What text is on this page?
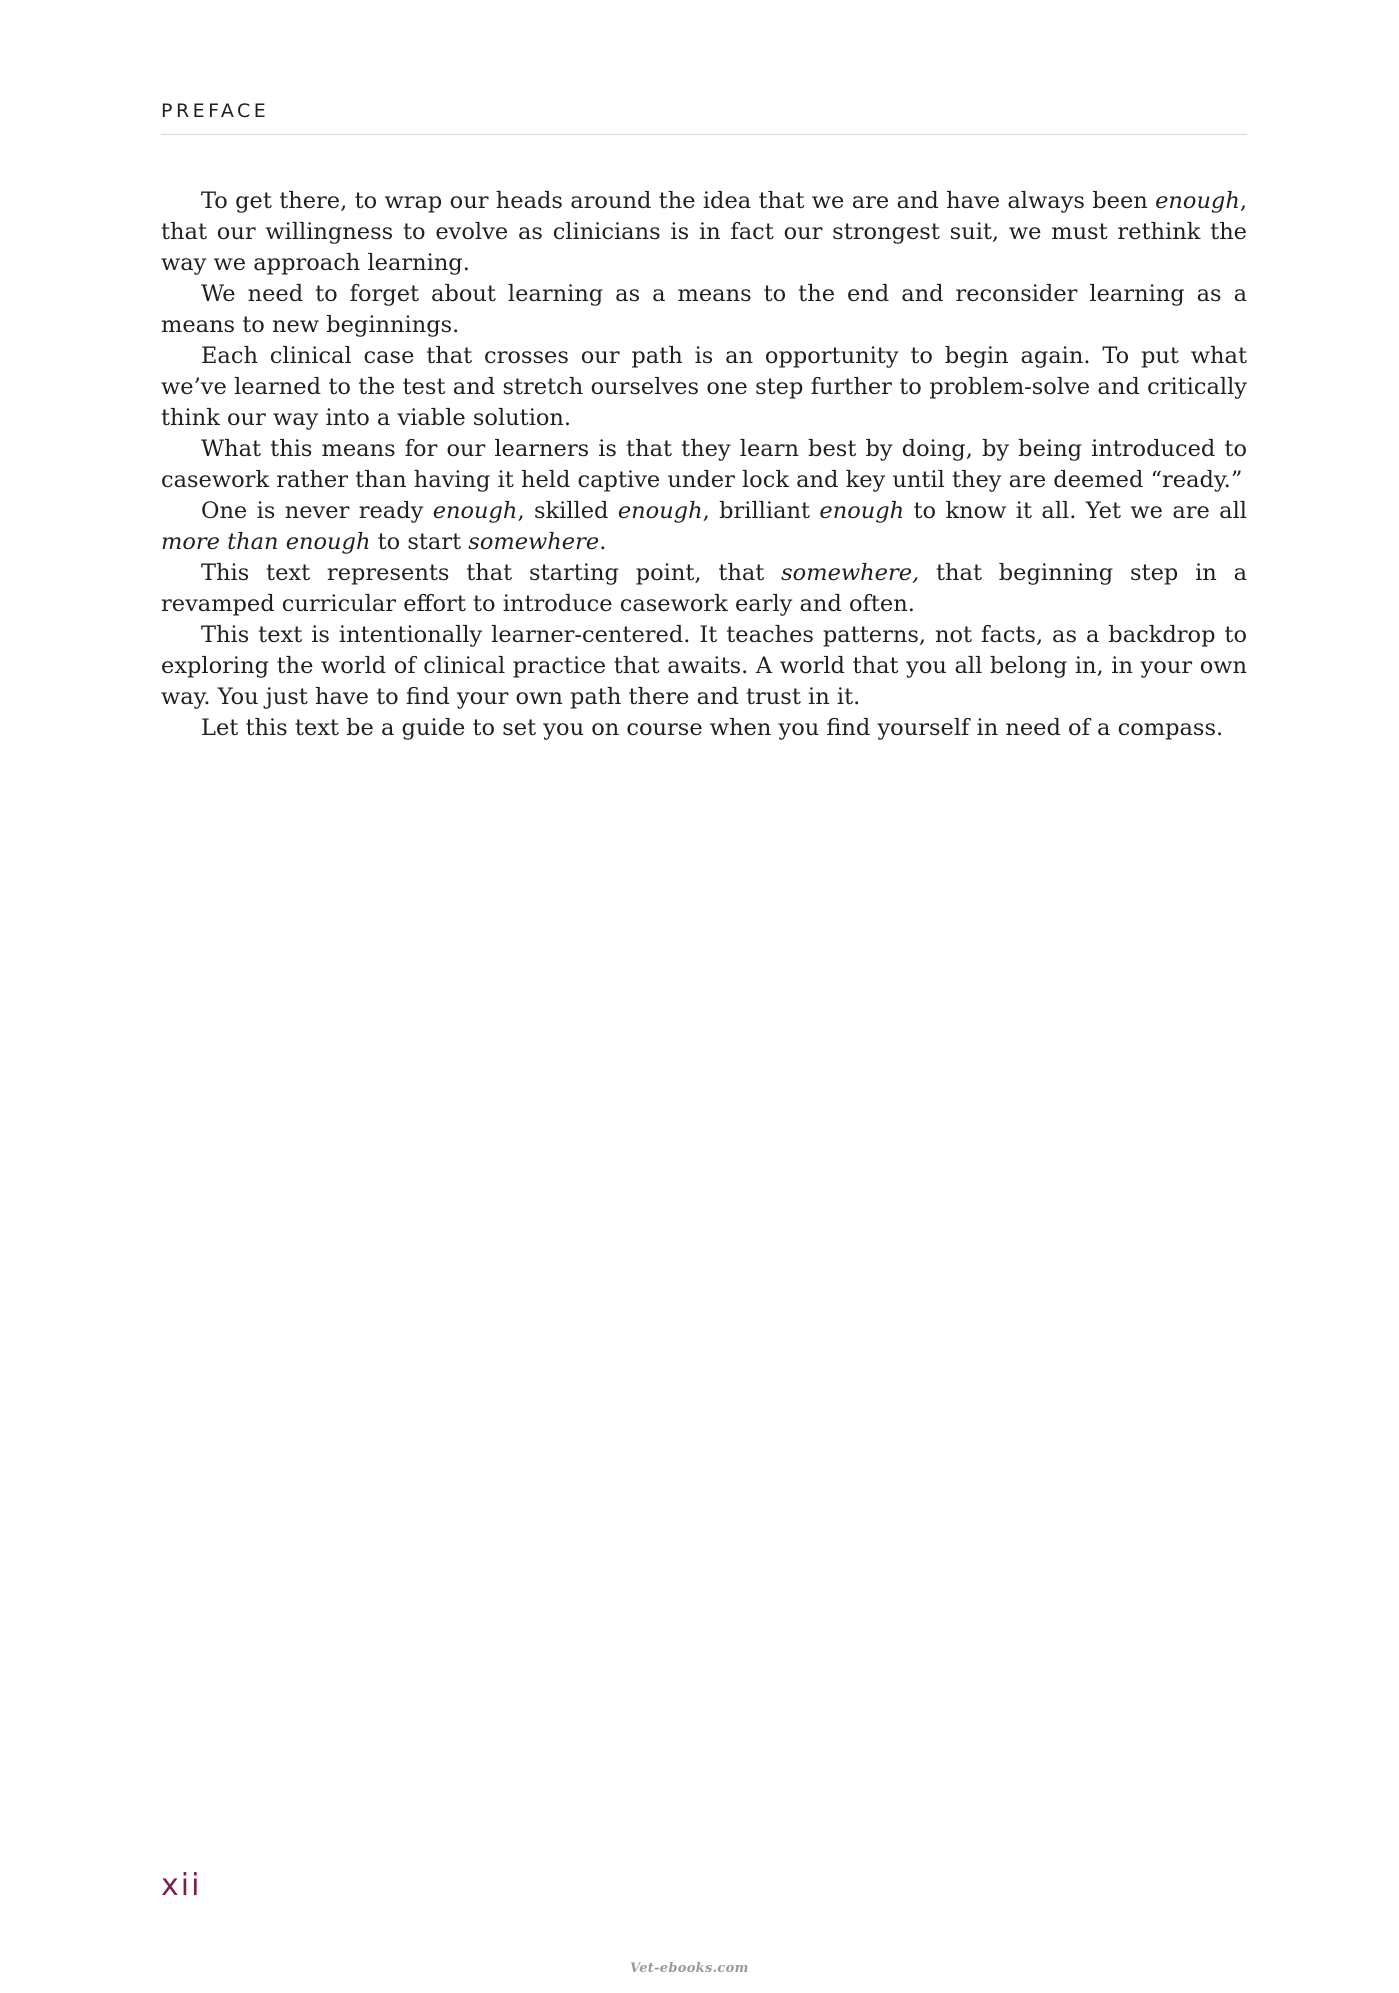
PREFACE

To get there, to wrap our heads around the idea that we are and have always been enough, that our willingness to evolve as clinicians is in fact our strongest suit, we must rethink the way we approach learning.

We need to forget about learning as a means to the end and reconsider learning as a means to new beginnings.

Each clinical case that crosses our path is an opportunity to begin again. To put what we’ve learned to the test and stretch ourselves one step further to problem-solve and critically think our way into a viable solution.

What this means for our learners is that they learn best by doing, by being introduced to casework rather than having it held captive under lock and key until they are deemed “ready.”

One is never ready enough, skilled enough, brilliant enough to know it all. Yet we are all more than enough to start somewhere.

This text represents that starting point, that somewhere, that beginning step in a revamped curricular effort to introduce casework early and often.

This text is intentionally learner-centered. It teaches patterns, not facts, as a backdrop to exploring the world of clinical practice that awaits. A world that you all belong in, in your own way. You just have to find your own path there and trust in it.

Let this text be a guide to set you on course when you find yourself in need of a compass.

xii
Vet-ebooks.com
